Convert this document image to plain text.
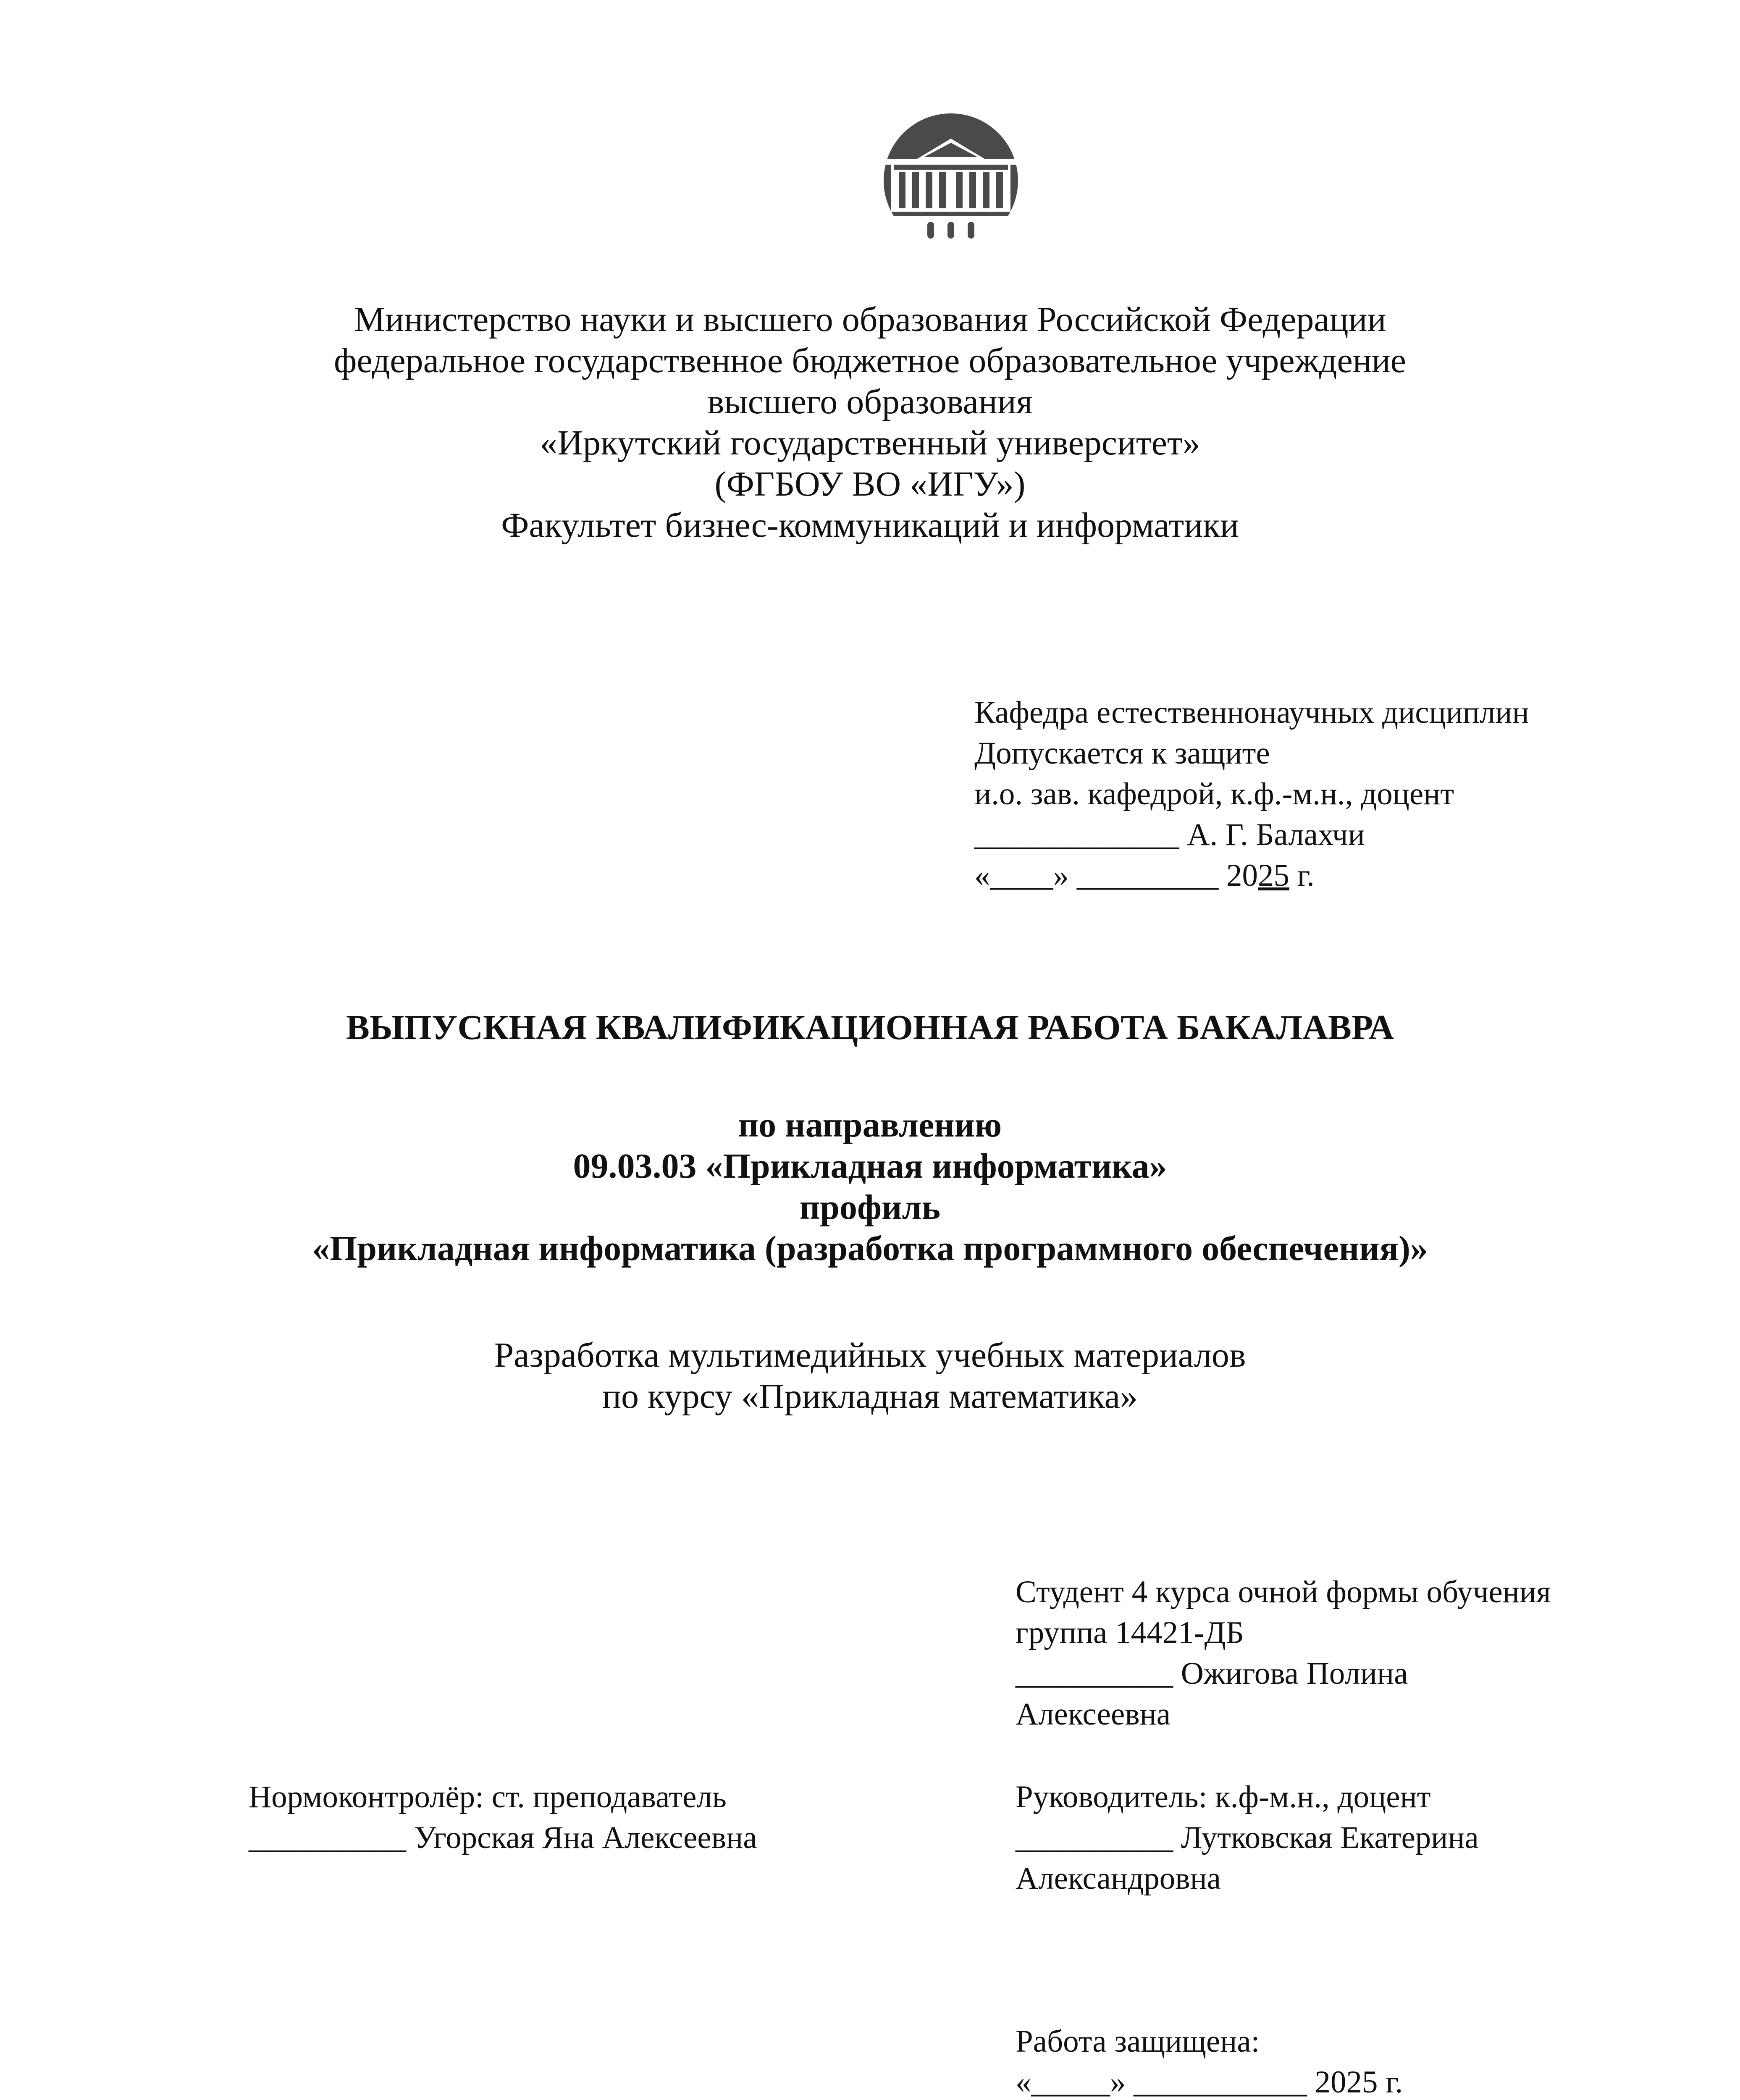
Министерство науки и высшего образования Российской Федерации
федеральное государственное бюджетное образовательное учреждение
высшего образования
«Иркутский государственный университет»
(ФГБОУ ВО «ИГУ»)
Факультет бизнес-коммуникаций и информатики
Кафедра естественнонаучных дисциплин
Допускается к защите
и.о. зав. кафедрой, к.ф.-м.н., доцент
_____________ А. Г. Балахчи
«____» _________ 2025 г.
ВЫПУСКНАЯ КВАЛИФИКАЦИОННАЯ РАБОТА БАКАЛАВРА
по направлению
09.03.03 «Прикладная информатика»
профиль
«Прикладная информатика (разработка программного обеспечения)»
Разработка мультимедийных учебных материалов
по курсу «Прикладная математика»
Студент 4 курса очной формы обучения
группа 14421-ДБ
__________ Ожигова Полина
Алексеевна
Нормоконтролёр: ст. преподаватель
__________ Угорская Яна Алексеевна
Руководитель: к.ф-м.н., доцент
__________ Лутковская Екатерина
Александровна
Работа защищена:
«_____» ___________ 2025 г.
